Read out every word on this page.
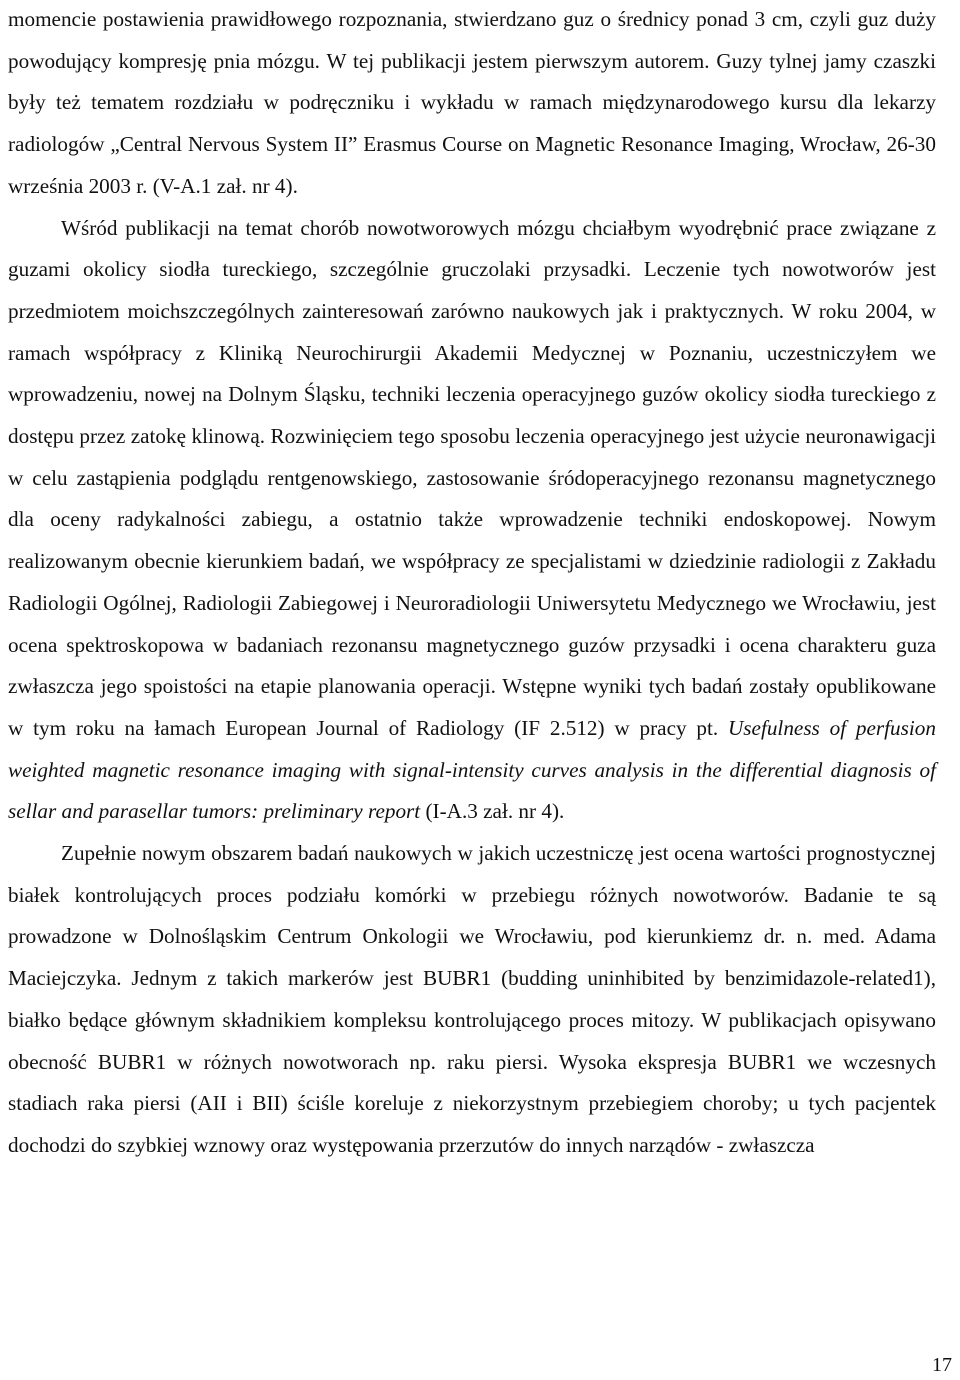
momencie postawienia prawidłowego rozpoznania, stwierdzano guz o średnicy ponad 3 cm, czyli guz duży powodujący kompresję pnia mózgu. W tej publikacji jestem pierwszym autorem. Guzy tylnej jamy czaszki były też tematem rozdziału w podręczniku i wykładu w ramach międzynarodowego kursu dla lekarzy radiologów „Central Nervous System II” Erasmus Course on Magnetic Resonance Imaging, Wrocław, 26-30 września 2003 r. (V-A.1 zał. nr 4).

Wśród publikacji na temat chorób nowotworowych mózgu chciałbym wyodrębnić prace związane z guzami okolicy siodła tureckiego, szczególnie gruczolaki przysadki. Leczenie tych nowotworów jest przedmiotem moichszczególnych zainteresowań zarówno naukowych jak i praktycznych. W roku 2004, w ramach współpracy z Kliniką Neurochirurgii Akademii Medycznej w Poznaniu, uczestniczyłem we wprowadzeniu, nowej na Dolnym Śląsku, techniki leczenia operacyjnego guzów okolicy siodła tureckiego z dostępu przez zatokę klinową. Rozwinięciem tego sposobu leczenia operacyjnego jest użycie neuronawigacji w celu zastąpienia podglądu rentgenowskiego, zastosowanie śródoperacyjnego rezonansu magnetycznego dla oceny radykalności zabiegu, a ostatnio także wprowadzenie techniki endoskopowej. Nowym realizowanym obecnie kierunkiem badań, we współpracy ze specjalistami w dziedzinie radiologii z Zakładu Radiologii Ogólnej, Radiologii Zabiegowej i Neuroradiologii Uniwersytetu Medycznego we Wrocławiu, jest ocena spektroskopowa w badaniach rezonansu magnetycznego guzów przysadki i ocena charakteru guza zwłaszcza jego spoistości na etapie planowania operacji. Wstępne wyniki tych badań zostały opublikowane w tym roku na łamach European Journal of Radiology (IF 2.512) w pracy pt. Usefulness of perfusion weighted magnetic resonance imaging with signal-intensity curves analysis in the differential diagnosis of sellar and parasellar tumors: preliminary report (I-A.3 zał. nr 4).

Zupełnie nowym obszarem badań naukowych w jakich uczestniczę jest ocena wartości prognostycznej białek kontrolujących proces podziału komórki w przebiegu różnych nowotworów. Badanie te są prowadzone w Dolnośląskim Centrum Onkologii we Wrocławiu, pod kierunkiemz dr. n. med. Adama Maciejczyka. Jednym z takich markerów jest BUBR1 (budding uninhibited by benzimidazole-related1), białko będące głównym składnikiem kompleksu kontrolującego proces mitozy. W publikacjach opisywano obecność BUBR1 w różnych nowotworach np. raku piersi. Wysoka ekspresja BUBR1 we wczesnych stadiach raka piersi (AII i BII) ściśle koreluje z niekorzystnym przebiegiem choroby; u tych pacjentek dochodzi do szybkiej wznowy oraz występowania przerzutów do innych narządów - zwłaszcza

17
